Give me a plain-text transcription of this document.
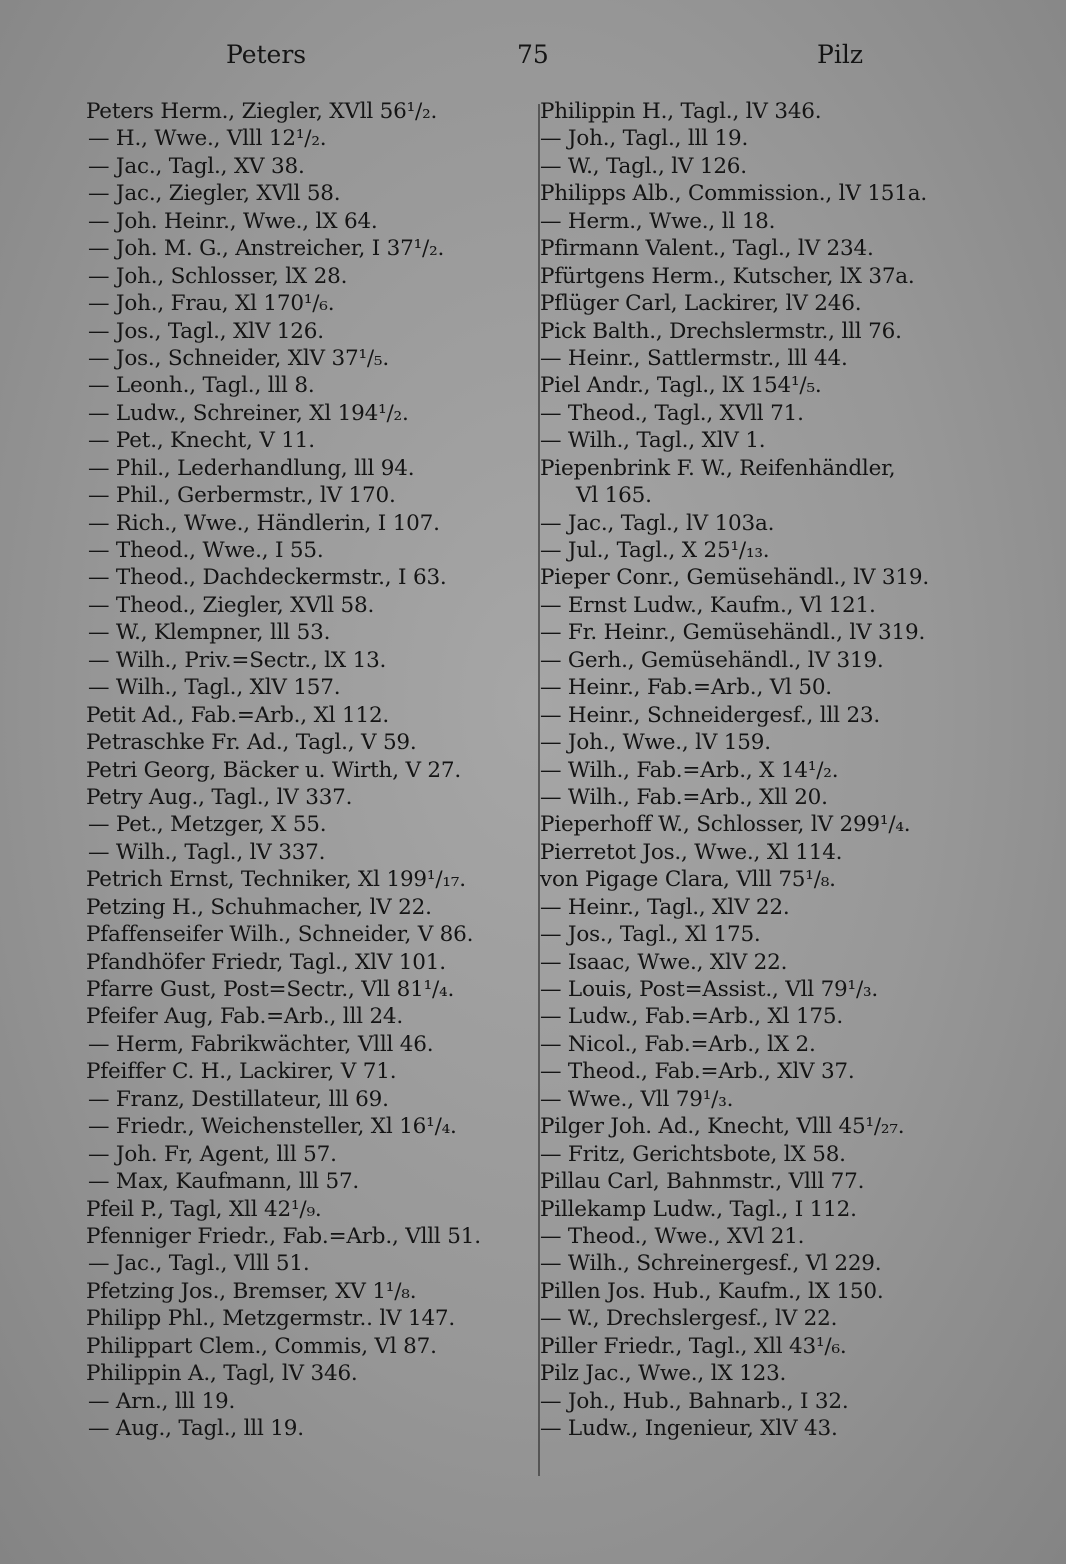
Peters	75	Pilz
Peters Herm., Ziegler, XVll 56¹/₂.
— H., Wwe., Vlll 12¹/₂.
— Jac., Tagl., XV 38.
— Jac., Ziegler, XVll 58.
— Joh. Heinr., Wwe., lX 64.
— Joh. M. G., Anstreicher, I 37¹/₂.
— Joh., Schlosser, lX 28.
— Joh., Frau, Xl 170¹/₆.
— Jos., Tagl., XlV 126.
— Jos., Schneider, XlV 37¹/₅.
— Leonh., Tagl., lll 8.
— Ludw., Schreiner, Xl 194¹/₂.
— Pet., Knecht, V 11.
— Phil., Lederhandlung, lll 94.
— Phil., Gerbermstr., lV 170.
— Rich., Wwe., Händlerin, I 107.
— Theod., Wwe., I 55.
— Theod., Dachdeckermstr., I 63.
— Theod., Ziegler, XVll 58.
— W., Klempner, lll 53.
— Wilh., Priv.=Sectr., lX 13.
— Wilh., Tagl., XlV 157.
Petit Ad., Fab.=Arb., Xl 112.
Petraschke Fr. Ad., Tagl., V 59.
Petri Georg, Bäcker u. Wirth, V 27.
Petry Aug., Tagl., lV 337.
— Pet., Metzger, X 55.
— Wilh., Tagl., lV 337.
Petrich Ernst, Techniker, Xl 199¹/₁₇.
Petzing H., Schuhmacher, lV 22.
Pfaffenseifer Wilh., Schneider, V 86.
Pfandhöfer Friedr, Tagl., XlV 101.
Pfarre Gust, Post=Sectr., Vll 81¹/₄.
Pfeifer Aug, Fab.=Arb., lll 24.
— Herm, Fabrikwächter, Vlll 46.
Pfeiffer C. H., Lackirer, V 71.
— Franz, Destillateur, lll 69.
— Friedr., Weichensteller, Xl 16¹/₄.
— Joh. Fr, Agent, lll 57.
— Max, Kaufmann, lll 57.
Pfeil P., Tagl, Xll 42¹/₉.
Pfenniger Friedr., Fab.=Arb., Vlll 51.
— Jac., Tagl., Vlll 51.
Pfetzing Jos., Bremser, XV 1¹/₈.
Philipp Phl., Metzgermstr.. lV 147.
Philippart Clem., Commis, Vl 87.
Philippin A., Tagl, lV 346.
— Arn., lll 19.
— Aug., Tagl., lll 19.
Philippin H., Tagl., lV 346.
— Joh., Tagl., lll 19.
— W., Tagl., lV 126.
Philipps Alb., Commission., lV 151a.
— Herm., Wwe., ll 18.
Pfirmann Valent., Tagl., lV 234.
Pfürtgens Herm., Kutscher, lX 37a.
Pflüger Carl, Lackirer, lV 246.
Pick Balth., Drechslermstr., lll 76.
— Heinr., Sattlermstr., lll 44.
Piel Andr., Tagl., lX 154¹/₅.
— Theod., Tagl., XVll 71.
— Wilh., Tagl., XlV 1.
Piepenbrink F. W., Reifenhändler,
Vl 165.
— Jac., Tagl., lV 103a.
— Jul., Tagl., X 25¹/₁₃.
Pieper Conr., Gemüsehändl., lV 319.
— Ernst Ludw., Kaufm., Vl 121.
— Fr. Heinr., Gemüsehändl., lV 319.
— Gerh., Gemüsehändl., lV 319.
— Heinr., Fab.=Arb., Vl 50.
— Heinr., Schneidergesf., lll 23.
— Joh., Wwe., lV 159.
— Wilh., Fab.=Arb., X 14¹/₂.
— Wilh., Fab.=Arb., Xll 20.
Pieperhoff W., Schlosser, lV 299¹/₄.
Pierretot Jos., Wwe., Xl 114.
von Pigage Clara, Vlll 75¹/₈.
— Heinr., Tagl., XlV 22.
— Jos., Tagl., Xl 175.
— Isaac, Wwe., XlV 22.
— Louis, Post=Assist., Vll 79¹/₃.
— Ludw., Fab.=Arb., Xl 175.
— Nicol., Fab.=Arb., lX 2.
— Theod., Fab.=Arb., XlV 37.
— Wwe., Vll 79¹/₃.
Pilger Joh. Ad., Knecht, Vlll 45¹/₂₇.
— Fritz, Gerichtsbote, lX 58.
Pillau Carl, Bahnmstr., Vlll 77.
Pillekamp Ludw., Tagl., I 112.
— Theod., Wwe., XVl 21.
— Wilh., Schreinergesf., Vl 229.
Pillen Jos. Hub., Kaufm., lX 150.
— W., Drechslergesf., lV 22.
Piller Friedr., Tagl., Xll 43¹/₆.
Pilz Jac., Wwe., lX 123.
— Joh., Hub., Bahnarb., I 32.
— Ludw., Ingenieur, XlV 43.
